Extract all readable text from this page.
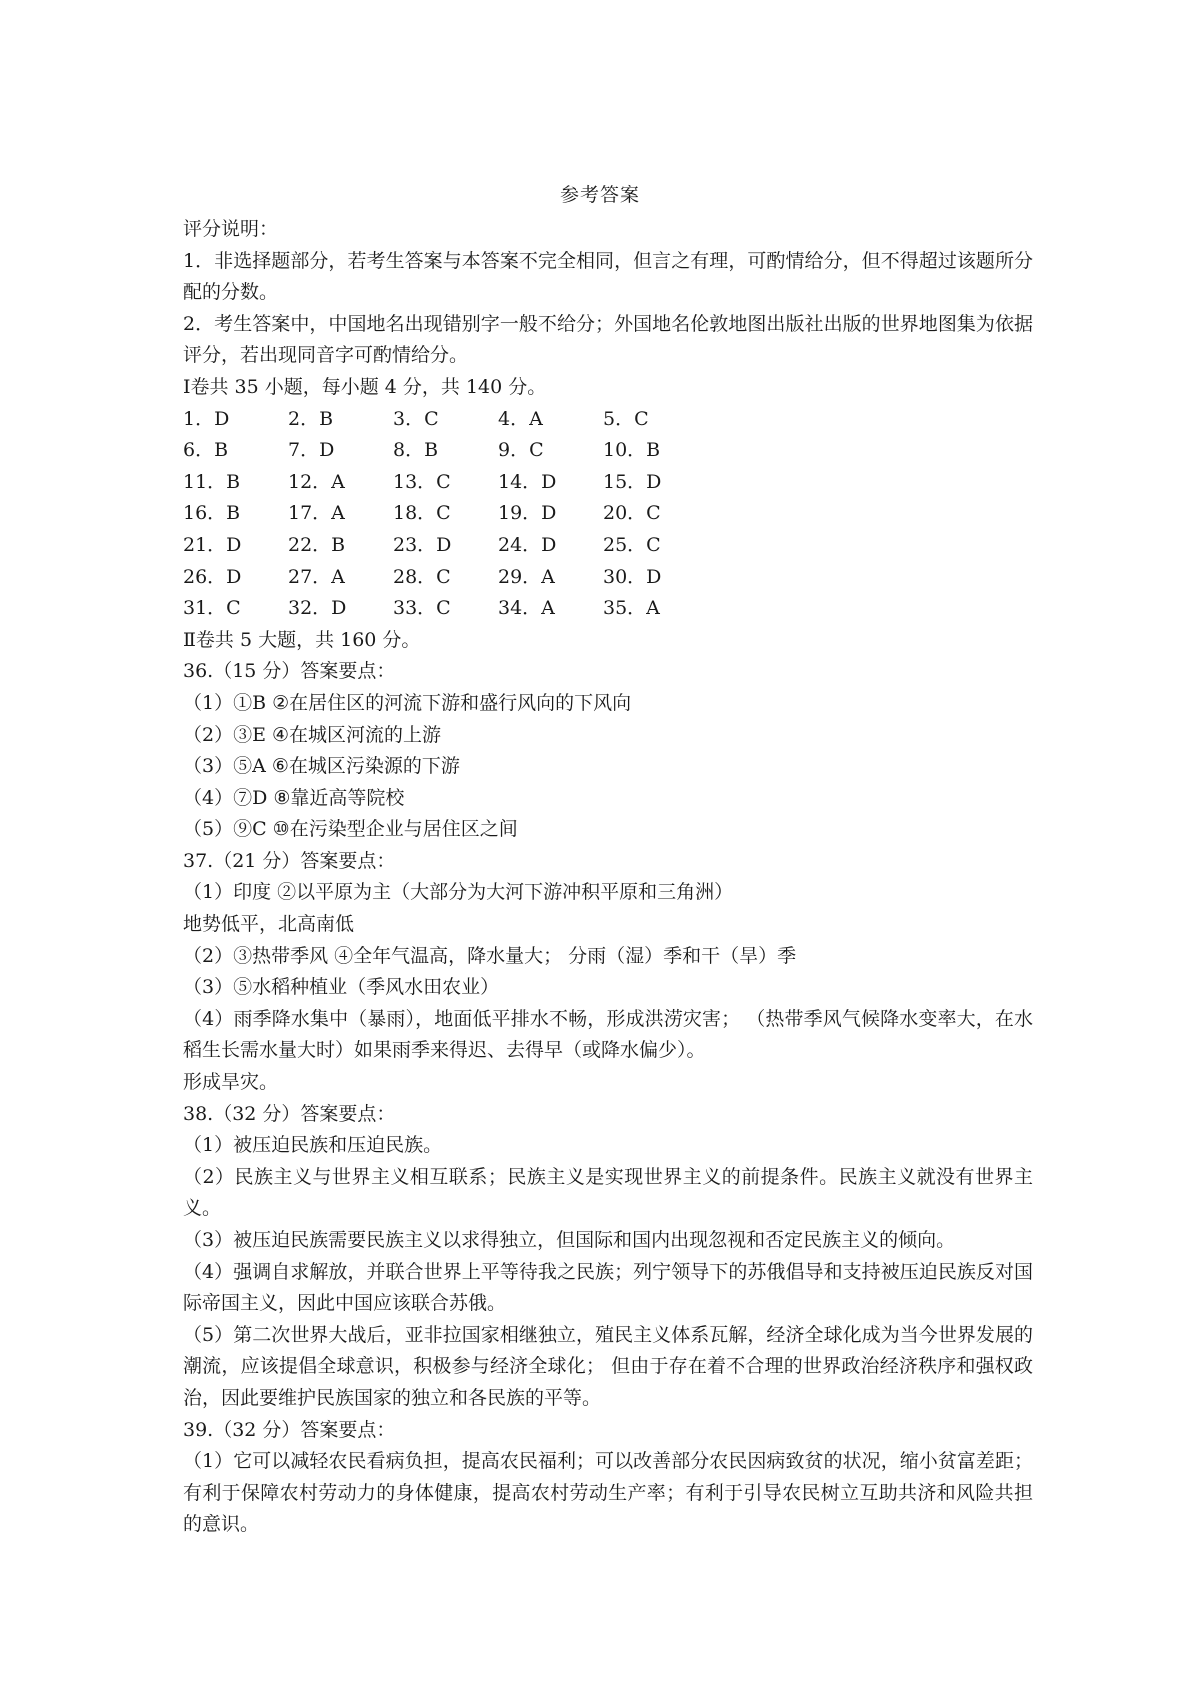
参考答案

评分说明：

1．非选择题部分，若考生答案与本答案不完全相同，但言之有理，可酌情给分，但不得超过该题所分配的分数。

2．考生答案中，中国地名出现错别字一般不给分；外国地名伦敦地图出版社出版的世界地图集为依据评分，若出现同音字可酌情给分。

Ⅰ卷共 35 小题，每小题 4 分，共 140 分。

1．D	2．B	3．C	4．A	5．C
6．B	7．D	8．B	9．C	10．B
11．B	12．A	13．C	14．D	15．D
16．B	17．A	18．C	19．D	20．C
21．D	22．B	23．D	24．D	25．C
26．D	27．A	28．C	29．A	30．D
31．C	32．D	33．C	34．A	35．A

Ⅱ卷共 5 大题，共 160 分。

36.（15 分）答案要点：

（1）①B ②在居住区的河流下游和盛行风向的下风向

（2）③E ④在城区河流的上游

（3）⑤A ⑥在城区污染源的下游

（4）⑦D ⑧靠近高等院校

（5）⑨C ⑩在污染型企业与居住区之间

37.（21 分）答案要点：

（1）印度 ②以平原为主（大部分为大河下游冲积平原和三角洲）

地势低平，北高南低

（2）③热带季风 ④全年气温高，降水量大； 分雨（湿）季和干（旱）季

（3）⑤水稻种植业（季风水田农业）

（4）雨季降水集中（暴雨），地面低平排水不畅，形成洪涝灾害； （热带季风气候降水变率大，在水稻生长需水量大时）如果雨季来得迟、去得早（或降水偏少）。

形成旱灾。

38.（32 分）答案要点：

（1）被压迫民族和压迫民族。

（2）民族主义与世界主义相互联系；民族主义是实现世界主义的前提条件。民族主义就没有世界主义。

（3）被压迫民族需要民族主义以求得独立，但国际和国内出现忽视和否定民族主义的倾向。

（4）强调自求解放，并联合世界上平等待我之民族；列宁领导下的苏俄倡导和支持被压迫民族反对国际帝国主义，因此中国应该联合苏俄。

（5）第二次世界大战后，亚非拉国家相继独立，殖民主义体系瓦解，经济全球化成为当今世界发展的潮流，应该提倡全球意识，积极参与经济全球化； 但由于存在着不合理的世界政治经济秩序和强权政治，因此要维护民族国家的独立和各民族的平等。

39.（32 分）答案要点：

（1）它可以减轻农民看病负担，提高农民福利；可以改善部分农民因病致贫的状况，缩小贫富差距；有利于保障农村劳动力的身体健康，提高农村劳动生产率；有利于引导农民树立互助共济和风险共担的意识。
